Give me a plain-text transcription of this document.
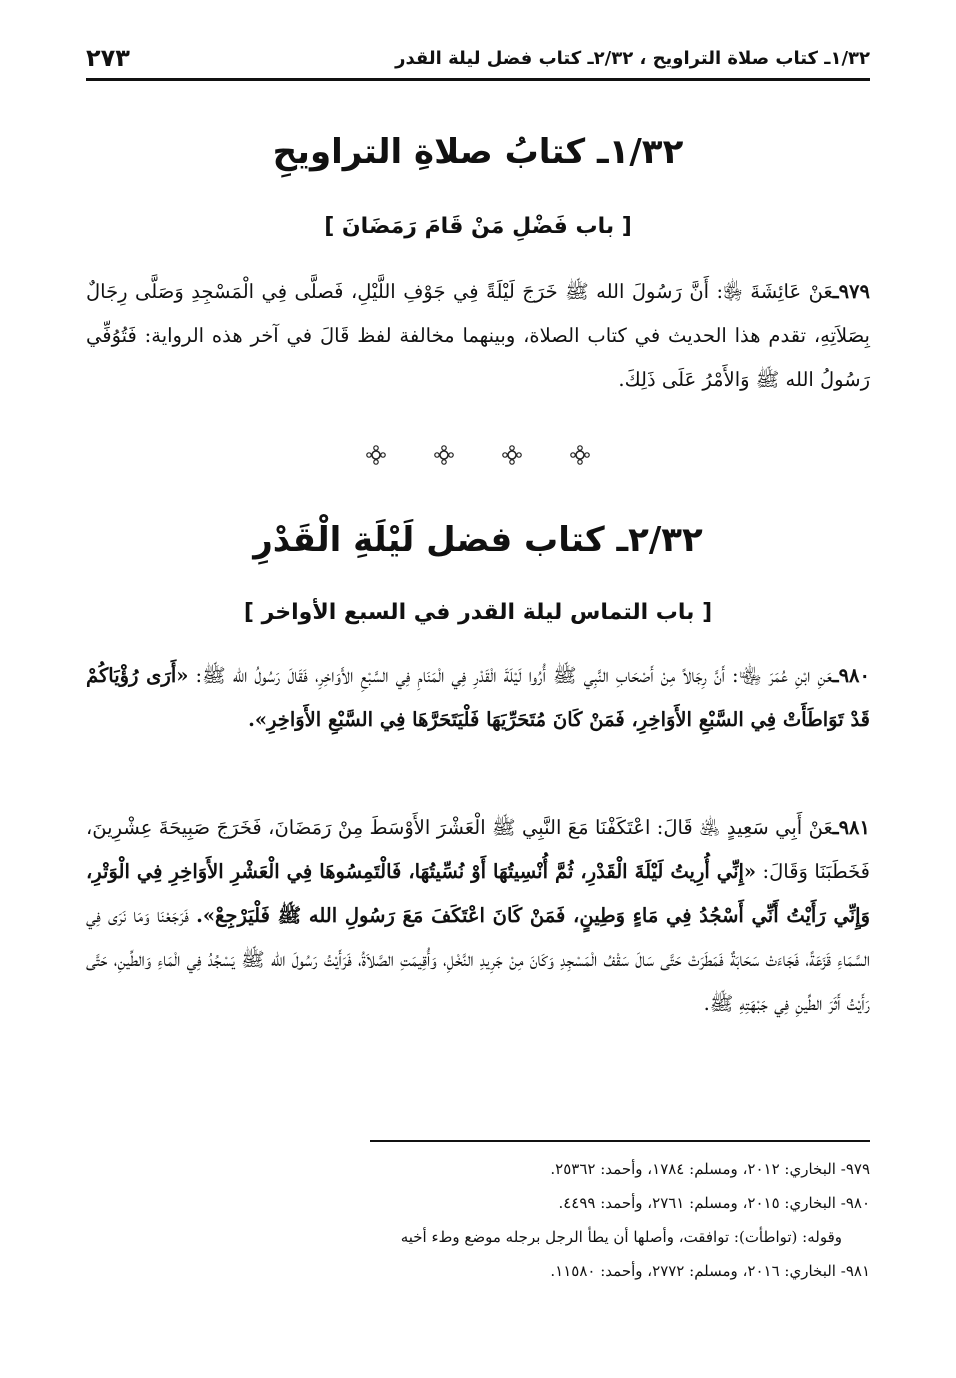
١/٣٢ـ كتاب صلاة التراويح ، ٢/٣٢ـ كتاب فضل ليلة القدر
٢٧٣
١/٣٢ـ كتابُ صلاةِ التراويحِ
[ باب فَضْلِ مَنْ قَامَ رَمَضَانَ ]
٩٧٩ـعَنْ عَائِشَةَ ﵂: أَنَّ رَسُولَ الله ﷺ خَرَجَ لَيْلَةً فِي جَوْفِ اللَّيْلِ، فَصلَّى فِي الْمَسْجِدِ وَصَلَّى رِجَالٌ بِصَلاَتِهِ، تقدم هذا الحديث في كتاب الصلاة، وبينهما مخالفة لفظ قَالَ في آخر هذه الرواية: فَتُوُفِّي رَسُولُ الله ﷺ وَالأَمْرُ عَلَى ذَلِكَ.
٢/٣٢ـ كتاب فضل لَيْلَةِ الْقَدْرِ
[ باب التماس ليلة القدر في السبع الأواخر ]
٩٨٠ـعَنِ ابْنِ عُمَرَ ﵄: أَنَّ رِجَالاً مِنْ أَصْحَابِ النَّبِي ﷺ أُرُوا لَيْلَةَ الْقَدْرِ فِي الْمَنَامِ فِي السَّبْعِ الأَوَاخِرِ، فَقَالَ رَسُولُ الله ﷺ: «أَرَى رُؤْيَاكُمْ قَدْ تَوَاطَأَتْ فِي السَّبْعِ الأَوَاخِرِ، فَمَنْ كَانَ مُتَحَرِّيَهَا فَلْيَتَحَرَّهَا فِي السَّبْعِ الأَوَاخِرِ».
٩٨١ـعَنْ أَبِي سَعِيدٍ ﵁ قَالَ: اعْتَكَفْنَا مَعَ النَّبِي ﷺ الْعَشْرَ الأَوْسَطَ مِنْ رَمَضَانَ، فَخَرَجَ صَبِيحَةَ عِشْرِينَ، فَخَطَبَنَا وَقَالَ: «إِنِّي أُرِيتُ لَيْلَةَ الْقَدْرِ، ثُمَّ أُنْسِيتُهَا أَوْ نُسِّيتُهَا، فَالْتَمِسُوهَا فِي الْعَشْرِ الأَوَاخِرِ فِي الْوَتْرِ، وَإِنِّي رَأَيْتُ أَنِّي أَسْجُدُ فِي مَاءٍ وَطِينٍ، فَمَنْ كَانَ اعْتَكَفَ مَعَ رَسُولِ الله ﷺ فَلْيَرْجِعْ». فَرَجَعْنَا وَمَا نَرَى فِي السَّمَاءِ قَزَعَةً، فَجَاءَتْ سَحَابَةٌ فَمَطَرَتْ حَتَّى سَالَ سَقْفُ الْمَسْجِدِ وَكَانَ مِنْ جَرِيدِ النَّخْلِ، وَأُقِيمَتِ الصَّلاَةُ، فَرَأَيْتُ رَسُولَ الله ﷺ يَسْجُدُ فِي الْمَاءِ وَالطِّينِ، حَتَّى رَأَيْتُ أَثَرَ الطِّينِ فِي جَبْهَتِهِ ﷺ.
٩٧٩- البخاري: ٢٠١٢، ومسلم: ١٧٨٤، وأحمد: ٢٥٣٦٢.
٩٨٠- البخاري: ٢٠١٥، ومسلم: ٢٧٦١، وأحمد: ٤٤٩٩.
وقوله: (تواطأت): توافقت، وأصلها أن يطأ الرجل برجله موضع وطء أخيه
٩٨١- البخاري: ٢٠١٦، ومسلم: ٢٧٧٢، وأحمد: ١١٥٨٠.
